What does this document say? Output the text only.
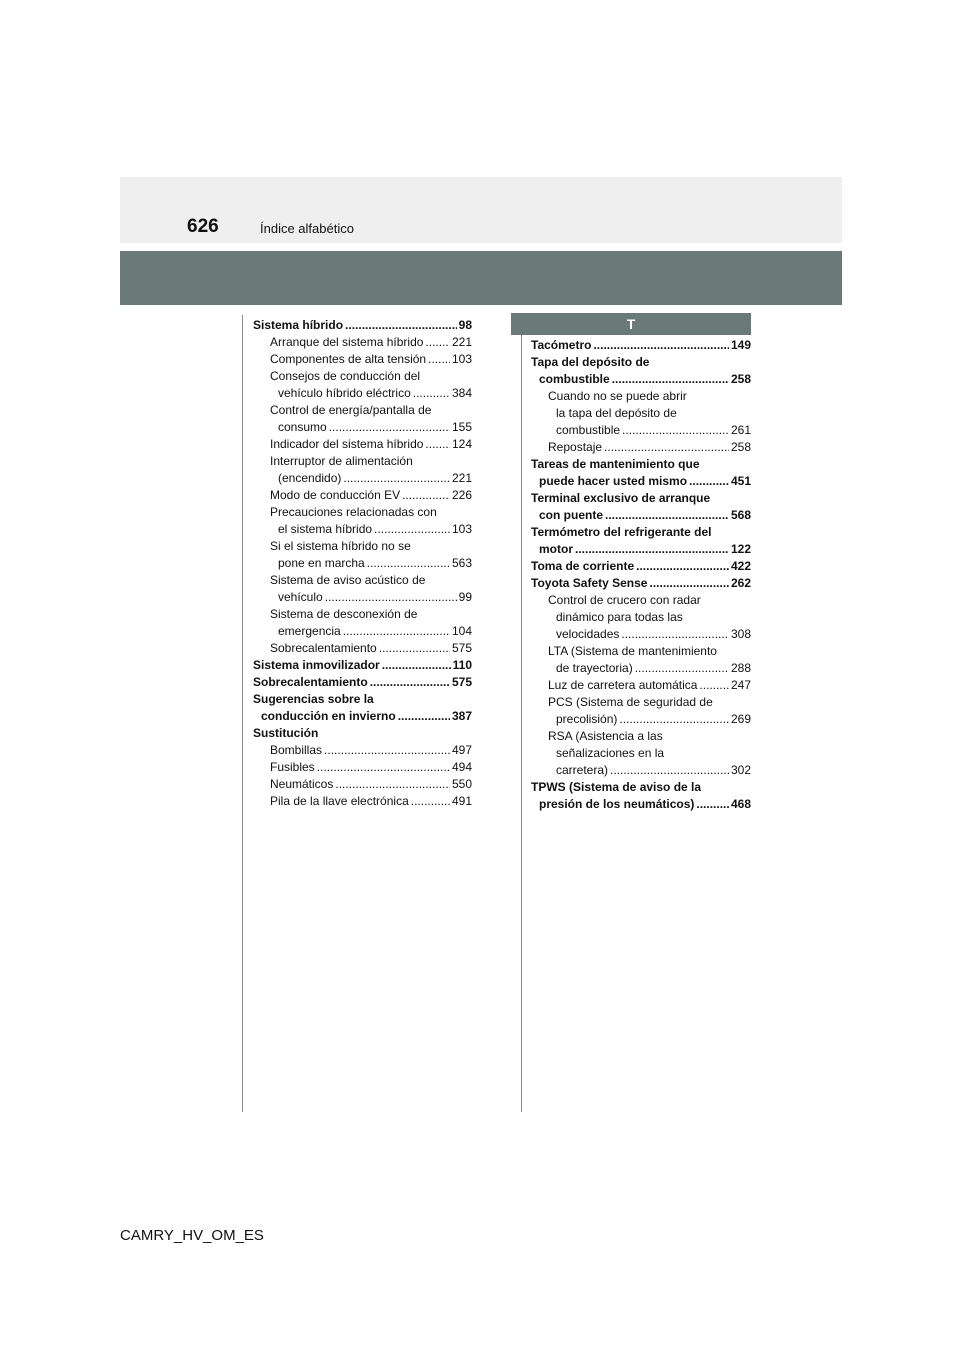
626	Índice alfabético
T
Sistema híbrido .....	98
Arranque del sistema híbrido ..... 221
Componentes de alta tensión ..... 103
Consejos de conducción del
vehículo híbrido eléctrico .....	384
Control de energía/pantalla de
consumo .....	155
Indicador del sistema híbrido ..... 124
Interruptor de alimentación
(encendido) .....	221
Modo de conducción EV .....	226
Precauciones relacionadas con
el sistema híbrido .....	103
Si el sistema híbrido no se
pone en marcha .....	563
Sistema de aviso acústico de
vehículo .....	99
Sistema de desconexión de
emergencia .....	104
Sobrecalentamiento .....	575
Sistema inmovilizador .....	110
Sobrecalentamiento .....	575
Sugerencias sobre la
conducción en invierno .....	387
Sustitución
Bombillas .....	497
Fusibles .....	494
Neumáticos .....	550
Pila de la llave electrónica .....	491
Tacómetro .....	149
Tapa del depósito de
combustible .....	258
Cuando no se puede abrir
la tapa del depósito de
combustible .....	261
Repostaje .....	258
Tareas de mantenimiento que
puede hacer usted mismo .....	451
Terminal exclusivo de arranque
con puente .....	568
Termómetro del refrigerante del
motor .....	122
Toma de corriente .....	422
Toyota Safety Sense .....	262
Control de crucero con radar
dinámico para todas las
velocidades .....	308
LTA (Sistema de mantenimiento
de trayectoria) .....	288
Luz de carretera automática .....	247
PCS (Sistema de seguridad de
precolisión) .....	269
RSA (Asistencia a las
señalizaciones en la
carretera) .....	302
TPWS (Sistema de aviso de la
presión de los neumáticos) .....	468
CAMRY_HV_OM_ES
